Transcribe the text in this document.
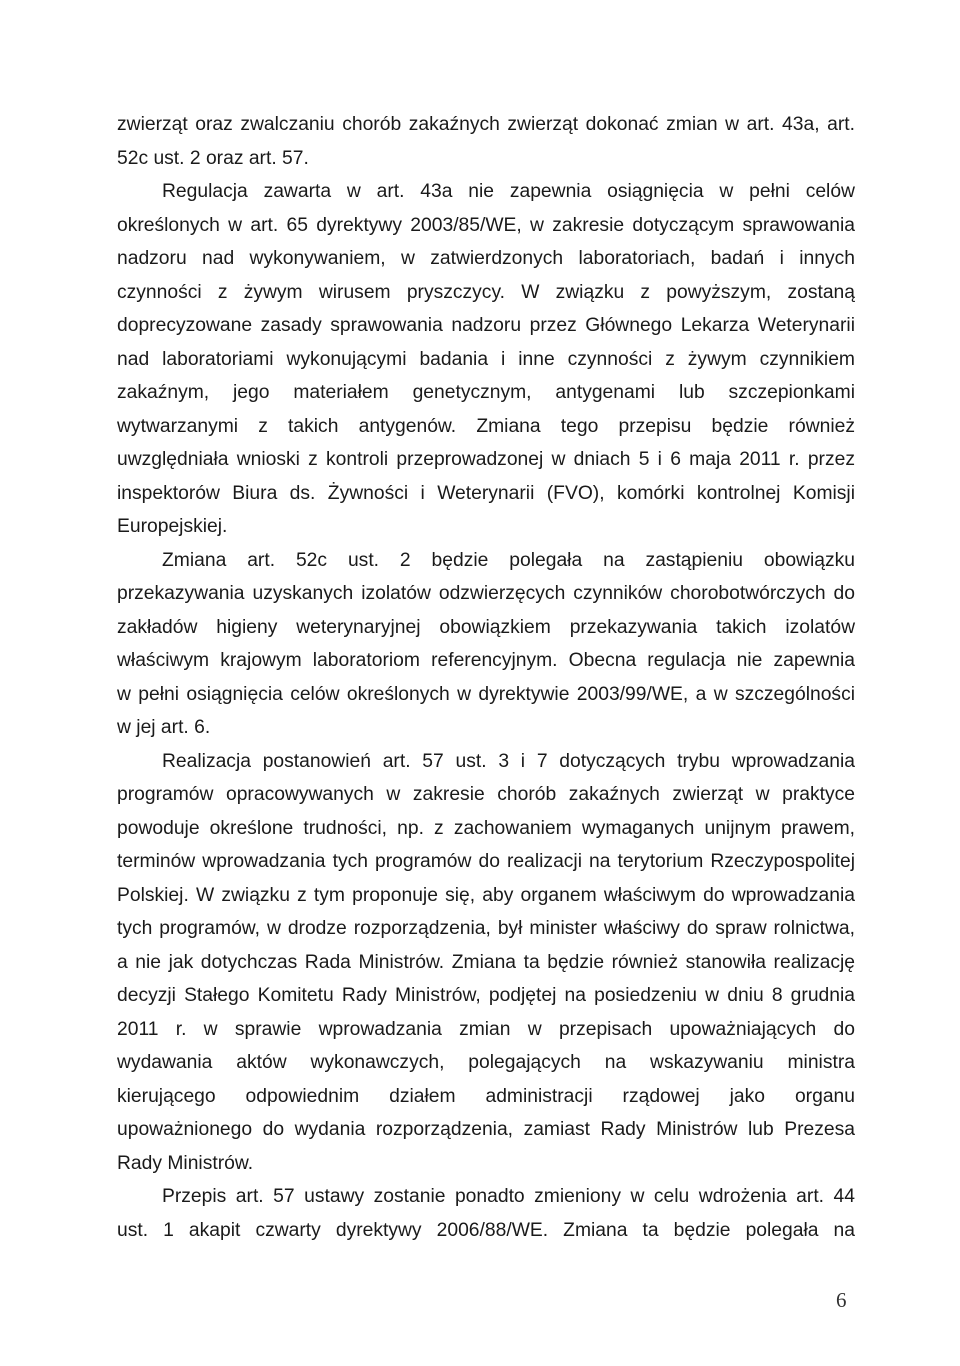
zwierząt oraz zwalczaniu chorób zakaźnych zwierząt dokonać zmian w art. 43a, art.
52c ust. 2 oraz art. 57.
Regulacja zawarta w art. 43a nie zapewnia osiągnięcia w pełni celów
określonych w art. 65 dyrektywy 2003/85/WE, w zakresie dotyczącym sprawowania
nadzoru nad wykonywaniem, w zatwierdzonych laboratoriach, badań i innych
czynności z żywym wirusem pryszczycy. W związku z powyższym, zostaną
doprecyzowane zasady sprawowania nadzoru przez Głównego Lekarza Weterynarii
nad laboratoriami wykonującymi badania i inne czynności z żywym czynnikiem
zakaźnym, jego materiałem genetycznym, antygenami lub szczepionkami
wytwarzanymi z takich antygenów. Zmiana tego przepisu będzie również
uwzględniała wnioski z kontroli przeprowadzonej w dniach 5 i 6 maja 2011 r. przez
inspektorów Biura ds. Żywności i Weterynarii (FVO), komórki kontrolnej Komisji
Europejskiej.
Zmiana art. 52c ust. 2 będzie polegała na zastąpieniu obowiązku
przekazywania uzyskanych izolatów odzwierzęcych czynników chorobotwórczych do
zakładów higieny weterynaryjnej obowiązkiem przekazywania takich izolatów
właściwym krajowym laboratoriom referencyjnym. Obecna regulacja nie zapewnia
w pełni osiągnięcia celów określonych w dyrektywie 2003/99/WE, a w szczególności
w jej art. 6.
Realizacja postanowień art. 57 ust. 3 i 7 dotyczących trybu wprowadzania
programów opracowywanych w zakresie chorób zakaźnych zwierząt w praktyce
powoduje określone trudności, np. z zachowaniem wymaganych unijnym prawem,
terminów wprowadzania tych programów do realizacji na terytorium Rzeczypospolitej
Polskiej. W związku z tym proponuje się, aby organem właściwym do wprowadzania
tych programów, w drodze rozporządzenia, był minister właściwy do spraw rolnictwa,
a nie jak dotychczas Rada Ministrów. Zmiana ta będzie również stanowiła realizację
decyzji Stałego Komitetu Rady Ministrów, podjętej na posiedzeniu w dniu 8 grudnia
2011 r. w sprawie wprowadzania zmian w przepisach upoważniających do
wydawania aktów wykonawczych, polegających na wskazywaniu ministra
kierującego odpowiednim działem administracji rządowej jako organu
upoważnionego do wydania rozporządzenia, zamiast Rady Ministrów lub Prezesa
Rady Ministrów.
Przepis art. 57 ustawy zostanie ponadto zmieniony w celu wdrożenia art. 44
ust. 1 akapit czwarty dyrektywy 2006/88/WE. Zmiana ta będzie polegała na
6
